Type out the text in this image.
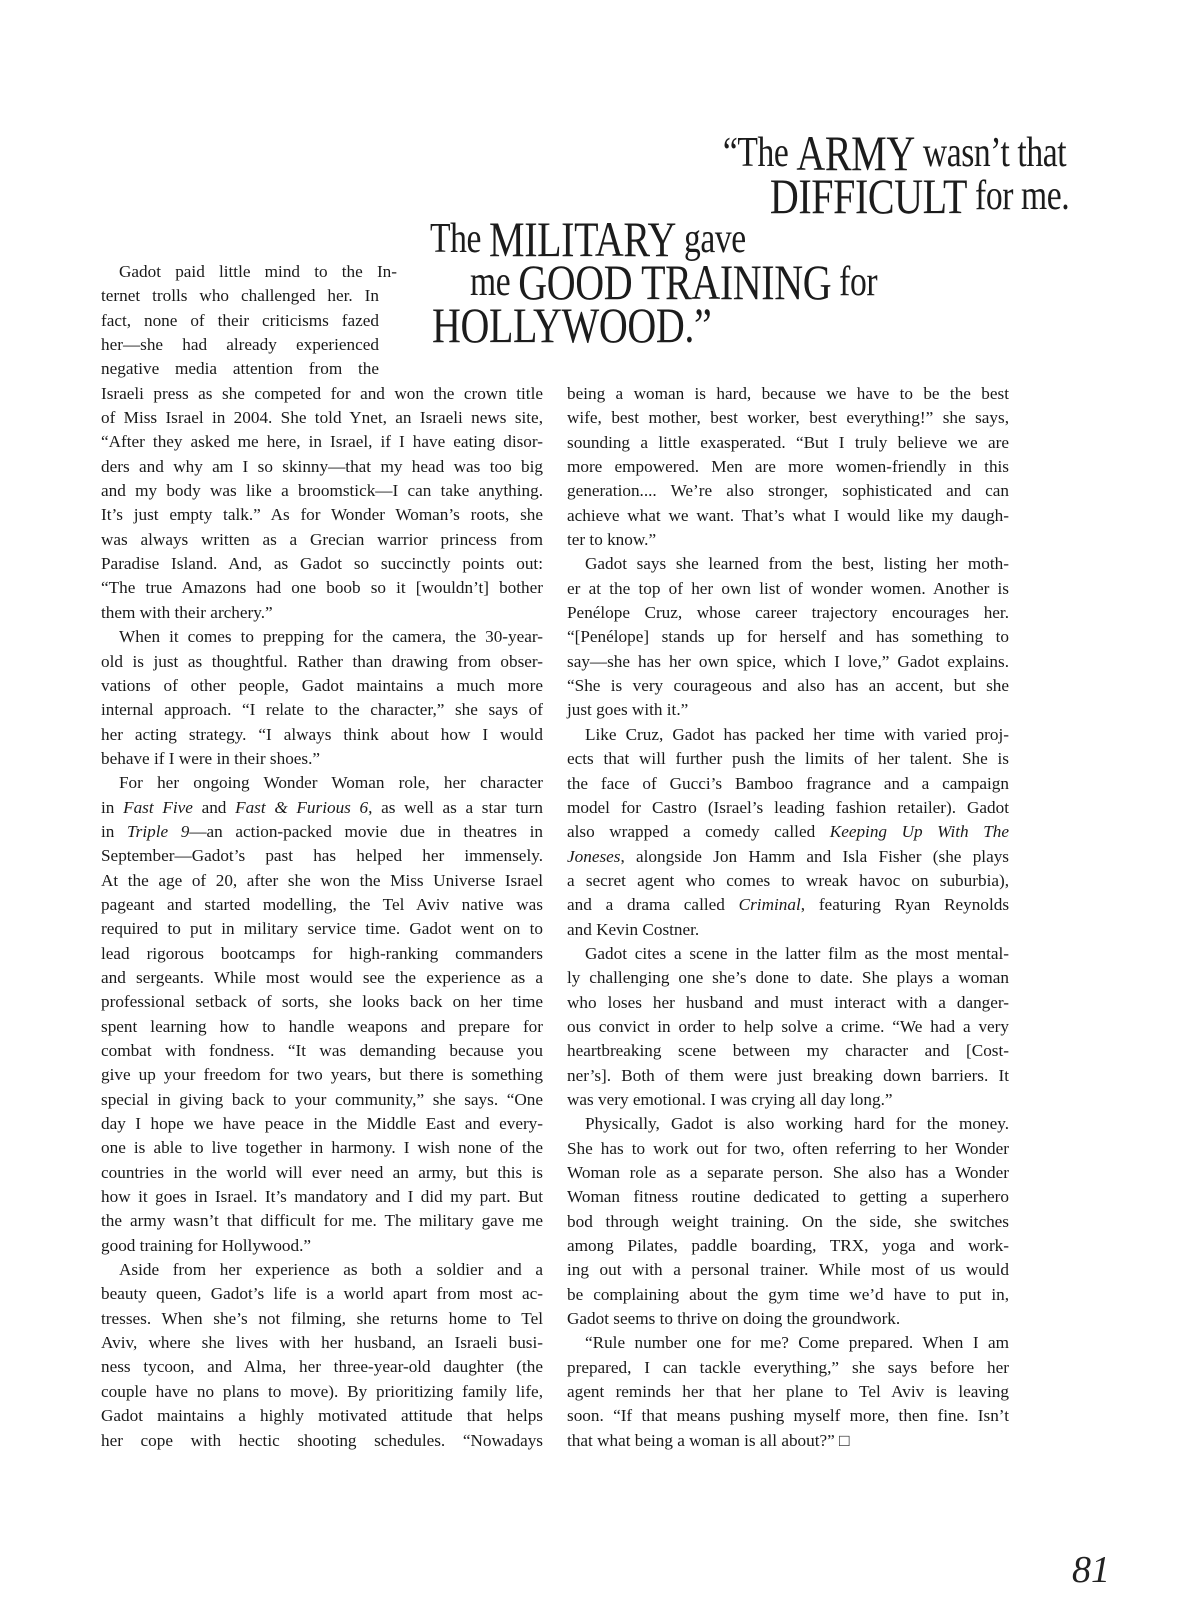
“The ARMY wasn’t that
DIFFICULT for me.
The MILITARY gave
me GOOD TRAINING for
HOLLYWOOD.”
Gadot paid little mind to the In-
ternet trolls who challenged her. In
fact, none of their criticisms fazed
her—she had already experienced
negative media attention from the
Israeli press as she competed for and won the crown title
of Miss Israel in 2004. She told Ynet, an Israeli news site,
“After they asked me here, in Israel, if I have eating disor-
ders and why am I so skinny—that my head was too big
and my body was like a broomstick—I can take anything.
It’s just empty talk.” As for Wonder Woman’s roots, she
was always written as a Grecian warrior princess from
Paradise Island. And, as Gadot so succinctly points out:
“The true Amazons had one boob so it [wouldn’t] bother
them with their archery.”
When it comes to prepping for the camera, the 30-year-
old is just as thoughtful. Rather than drawing from obser-
vations of other people, Gadot maintains a much more
internal approach. “I relate to the character,” she says of
her acting strategy. “I always think about how I would
behave if I were in their shoes.”
For her ongoing Wonder Woman role, her character
in Fast Five and Fast & Furious 6, as well as a star turn
in Triple 9—an action-packed movie due in theatres in
September—Gadot’s past has helped her immensely.
At the age of 20, after she won the Miss Universe Israel
pageant and started modelling, the Tel Aviv native was
required to put in military service time. Gadot went on to
lead rigorous bootcamps for high-ranking commanders
and sergeants. While most would see the experience as a
professional setback of sorts, she looks back on her time
spent learning how to handle weapons and prepare for
combat with fondness. “It was demanding because you
give up your freedom for two years, but there is something
special in giving back to your community,” she says. “One
day I hope we have peace in the Middle East and every-
one is able to live together in harmony. I wish none of the
countries in the world will ever need an army, but this is
how it goes in Israel. It’s mandatory and I did my part. But
the army wasn’t that difficult for me. The military gave me
good training for Hollywood.”
Aside from her experience as both a soldier and a
beauty queen, Gadot’s life is a world apart from most ac-
tresses. When she’s not filming, she returns home to Tel
Aviv, where she lives with her husband, an Israeli busi-
ness tycoon, and Alma, her three-year-old daughter (the
couple have no plans to move). By prioritizing family life,
Gadot maintains a highly motivated attitude that helps
her cope with hectic shooting schedules. “Nowadays
being a woman is hard, because we have to be the best
wife, best mother, best worker, best everything!” she says,
sounding a little exasperated. “But I truly believe we are
more empowered. Men are more women-friendly in this
generation.... We’re also stronger, sophisticated and can
achieve what we want. That’s what I would like my daugh-
ter to know.”
Gadot says she learned from the best, listing her moth-
er at the top of her own list of wonder women. Another is
Penélope Cruz, whose career trajectory encourages her.
“[Penélope] stands up for herself and has something to
say—she has her own spice, which I love,” Gadot explains.
“She is very courageous and also has an accent, but she
just goes with it.”
Like Cruz, Gadot has packed her time with varied proj-
ects that will further push the limits of her talent. She is
the face of Gucci’s Bamboo fragrance and a campaign
model for Castro (Israel’s leading fashion retailer). Gadot
also wrapped a comedy called Keeping Up With The
Joneses, alongside Jon Hamm and Isla Fisher (she plays
a secret agent who comes to wreak havoc on suburbia),
and a drama called Criminal, featuring Ryan Reynolds
and Kevin Costner.
Gadot cites a scene in the latter film as the most mental-
ly challenging one she’s done to date. She plays a woman
who loses her husband and must interact with a danger-
ous convict in order to help solve a crime. “We had a very
heartbreaking scene between my character and [Cost-
ner’s]. Both of them were just breaking down barriers. It
was very emotional. I was crying all day long.”
Physically, Gadot is also working hard for the money.
She has to work out for two, often referring to her Wonder
Woman role as a separate person. She also has a Wonder
Woman fitness routine dedicated to getting a superhero
bod through weight training. On the side, she switches
among Pilates, paddle boarding, TRX, yoga and work-
ing out with a personal trainer. While most of us would
be complaining about the gym time we’d have to put in,
Gadot seems to thrive on doing the groundwork.
“Rule number one for me? Come prepared. When I am
prepared, I can tackle everything,” she says before her
agent reminds her that her plane to Tel Aviv is leaving
soon. “If that means pushing myself more, then fine. Isn’t
that what being a woman is all about?” □
81
